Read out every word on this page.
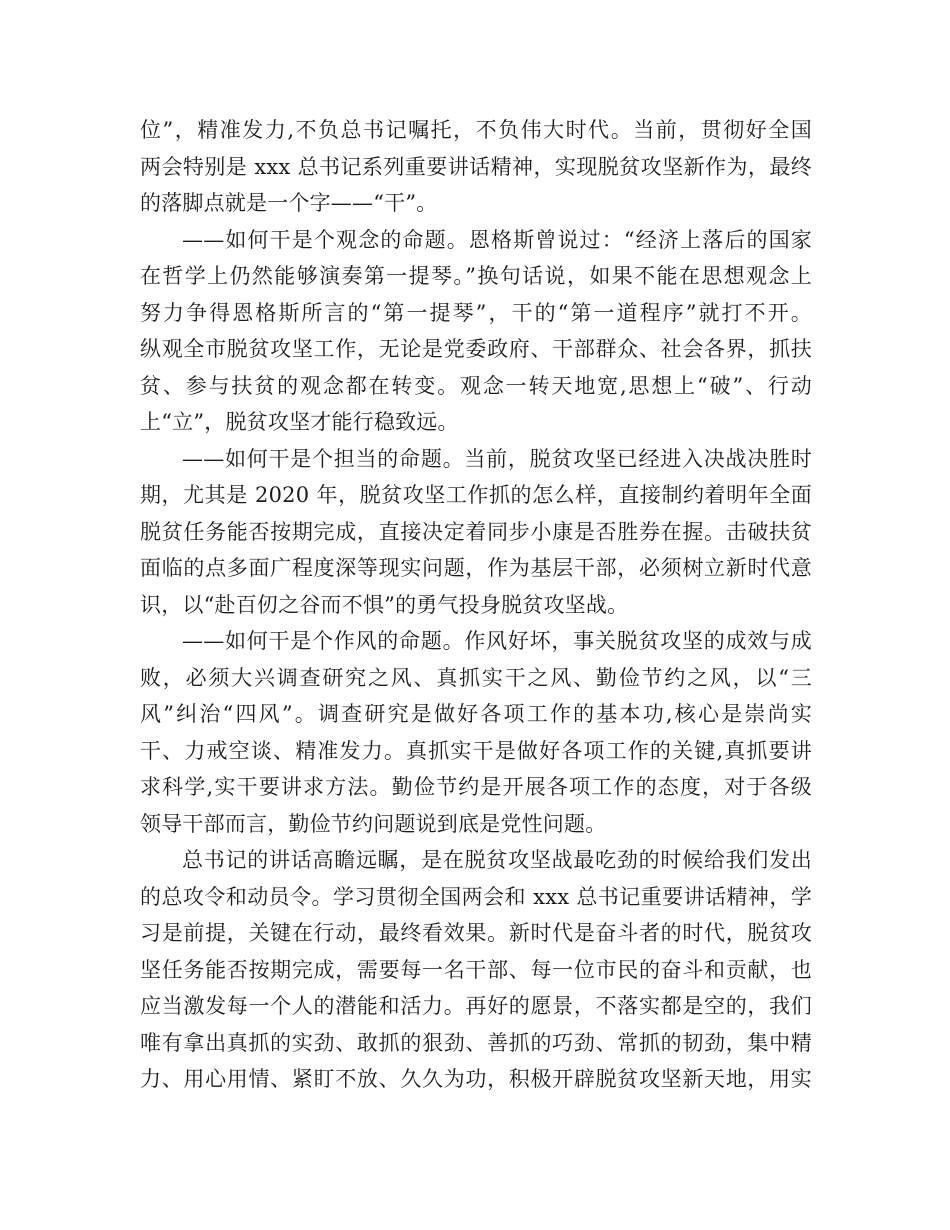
位”，精准发力,不负总书记嘱托，不负伟大时代。当前，贯彻好全国

两会特别是 xxx 总书记系列重要讲话精神，实现脱贫攻坚新作为，最终

的落脚点就是一个字——“干”。

——如何干是个观念的命题。恩格斯曾说过：“经济上落后的国家

在哲学上仍然能够演奏第一提琴。”换句话说，如果不能在思想观念上

努力争得恩格斯所言的“第一提琴”，干的“第一道程序”就打不开。

纵观全市脱贫攻坚工作，无论是党委政府、干部群众、社会各界，抓扶

贫、参与扶贫的观念都在转变。观念一转天地宽,思想上“破”、行动

上“立”，脱贫攻坚才能行稳致远。

——如何干是个担当的命题。当前，脱贫攻坚已经进入决战决胜时

期，尤其是 2020 年，脱贫攻坚工作抓的怎么样，直接制约着明年全面

脱贫任务能否按期完成，直接决定着同步小康是否胜券在握。击破扶贫

面临的点多面广程度深等现实问题，作为基层干部，必须树立新时代意

识，以“赴百仞之谷而不惧”的勇气投身脱贫攻坚战。

——如何干是个作风的命题。作风好坏，事关脱贫攻坚的成效与成

败，必须大兴调查研究之风、真抓实干之风、勤俭节约之风，以“三

风”纠治“四风”。调查研究是做好各项工作的基本功,核心是崇尚实

干、力戒空谈、精准发力。真抓实干是做好各项工作的关键,真抓要讲

求科学,实干要讲求方法。勤俭节约是开展各项工作的态度，对于各级

领导干部而言，勤俭节约问题说到底是党性问题。

总书记的讲话高瞻远瞩，是在脱贫攻坚战最吃劲的时候给我们发出

的总攻令和动员令。学习贯彻全国两会和 xxx 总书记重要讲话精神，学

习是前提，关键在行动，最终看效果。新时代是奋斗者的时代，脱贫攻

坚任务能否按期完成，需要每一名干部、每一位市民的奋斗和贡献，也

应当激发每一个人的潜能和活力。再好的愿景，不落实都是空的，我们

唯有拿出真抓的实劲、敢抓的狠劲、善抓的巧劲、常抓的韧劲，集中精

力、用心用情、紧盯不放、久久为功，积极开辟脱贫攻坚新天地，用实
